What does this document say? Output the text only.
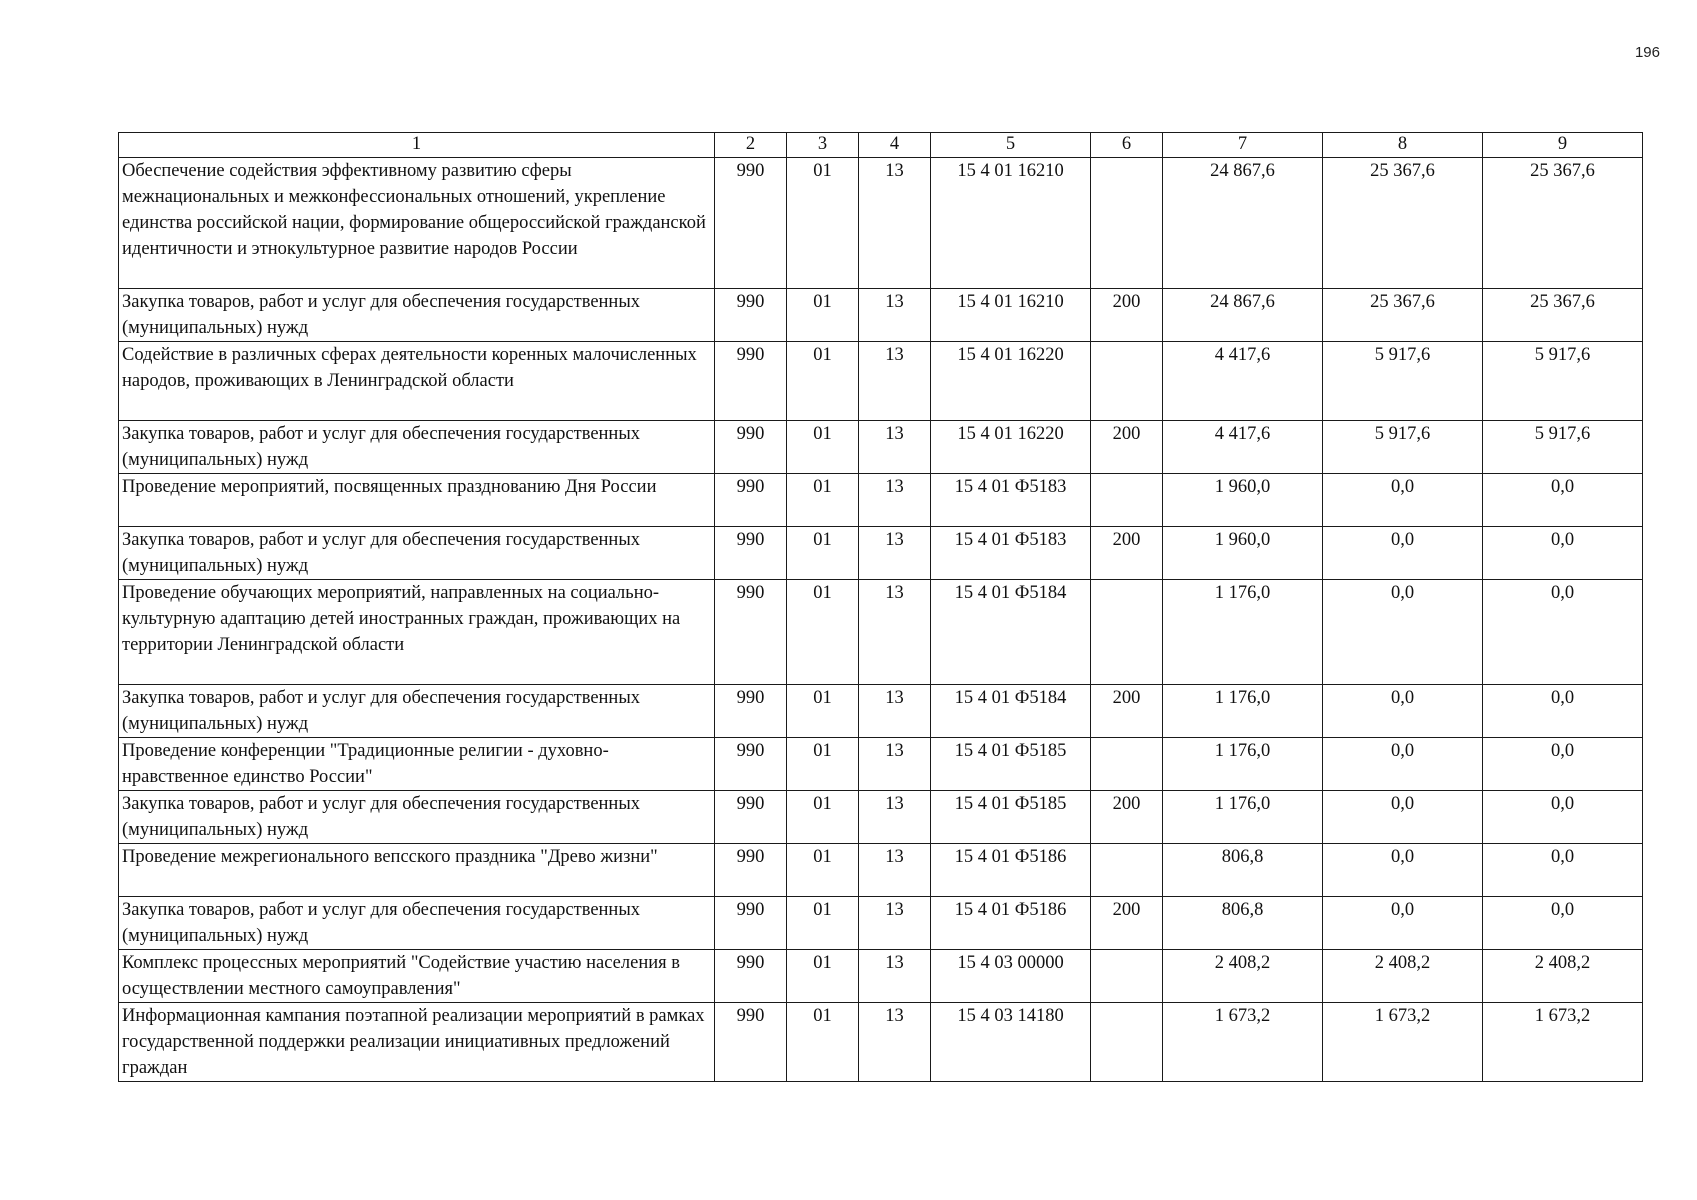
196
1	2	3	4	5	6	7	8	9
Обеспечение содействия эффективному развитию сферы межнациональных и межконфессиональных отношений, укрепление единства российской нации, формирование общероссийской гражданской идентичности и этнокультурное развитие народов России	990	01	13	15 4 01 16210		24 867,6	25 367,6	25 367,6
Закупка товаров, работ и услуг для обеспечения государственных (муниципальных) нужд	990	01	13	15 4 01 16210	200	24 867,6	25 367,6	25 367,6
Содействие в различных сферах деятельности коренных малочисленных народов, проживающих в Ленинградской области	990	01	13	15 4 01 16220		4 417,6	5 917,6	5 917,6
Закупка товаров, работ и услуг для обеспечения государственных (муниципальных) нужд	990	01	13	15 4 01 16220	200	4 417,6	5 917,6	5 917,6
Проведение мероприятий, посвященных празднованию Дня России	990	01	13	15 4 01 Ф5183		1 960,0	0,0	0,0
Закупка товаров, работ и услуг для обеспечения государственных (муниципальных) нужд	990	01	13	15 4 01 Ф5183	200	1 960,0	0,0	0,0
Проведение обучающих мероприятий, направленных на социально-культурную адаптацию детей иностранных граждан, проживающих на территории Ленинградской области	990	01	13	15 4 01 Ф5184		1 176,0	0,0	0,0
Закупка товаров, работ и услуг для обеспечения государственных (муниципальных) нужд	990	01	13	15 4 01 Ф5184	200	1 176,0	0,0	0,0
Проведение конференции "Традиционные религии - духовно-нравственное единство России"	990	01	13	15 4 01 Ф5185		1 176,0	0,0	0,0
Закупка товаров, работ и услуг для обеспечения государственных (муниципальных) нужд	990	01	13	15 4 01 Ф5185	200	1 176,0	0,0	0,0
Проведение межрегионального вепсского праздника "Древо жизни"	990	01	13	15 4 01 Ф5186		806,8	0,0	0,0
Закупка товаров, работ и услуг для обеспечения государственных (муниципальных) нужд	990	01	13	15 4 01 Ф5186	200	806,8	0,0	0,0
Комплекс процессных мероприятий "Содействие участию населения в осуществлении местного самоуправления"	990	01	13	15 4 03 00000		2 408,2	2 408,2	2 408,2
Информационная кампания поэтапной реализации мероприятий в рамках государственной поддержки реализации инициативных предложений граждан	990	01	13	15 4 03 14180		1 673,2	1 673,2	1 673,2
